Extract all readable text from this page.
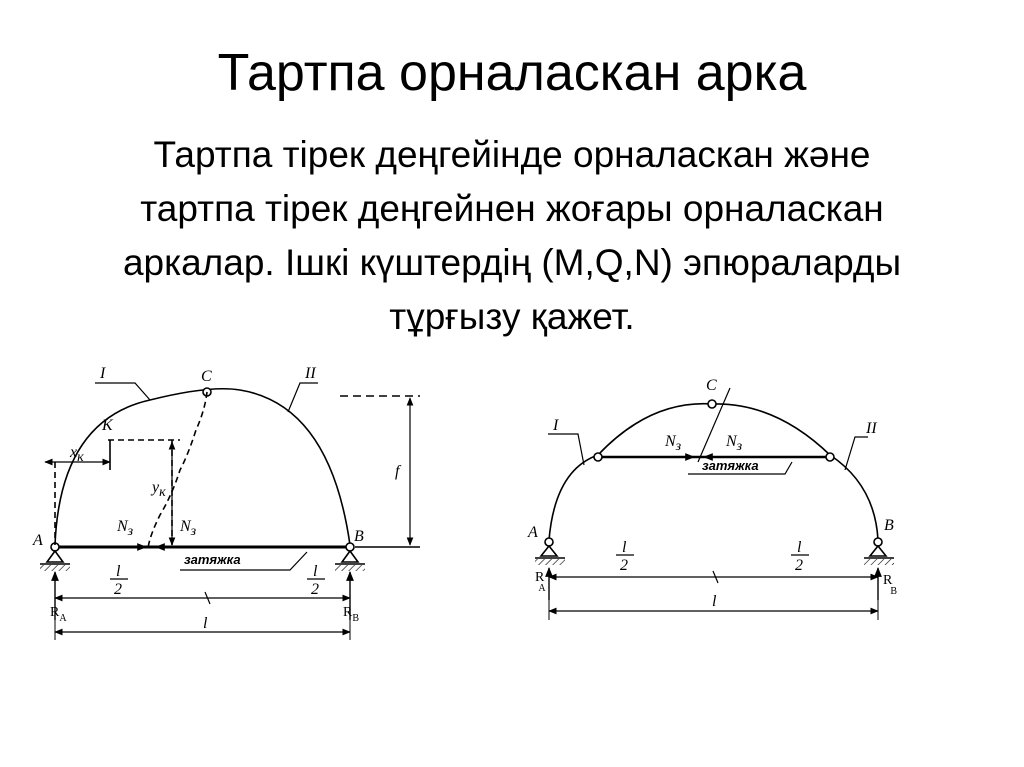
Тартпа орналаскан арка
Тартпа тірек деңгейінде орналаскан және
тартпа тірек деңгейнен жоғары орналаскан
аркалар. Ішкі күштердің (M,Q,N) эпюраларды
тұрғызу қажет.
I	II
C
K
A	B
xк
yк
Nз	Nз
затяжка
f
l
2
l
2
l
$R_A$	$R_B$
I	II
C
A	B
Nз	Nз
затяжка
l
2
l
2
l
R A
R B
